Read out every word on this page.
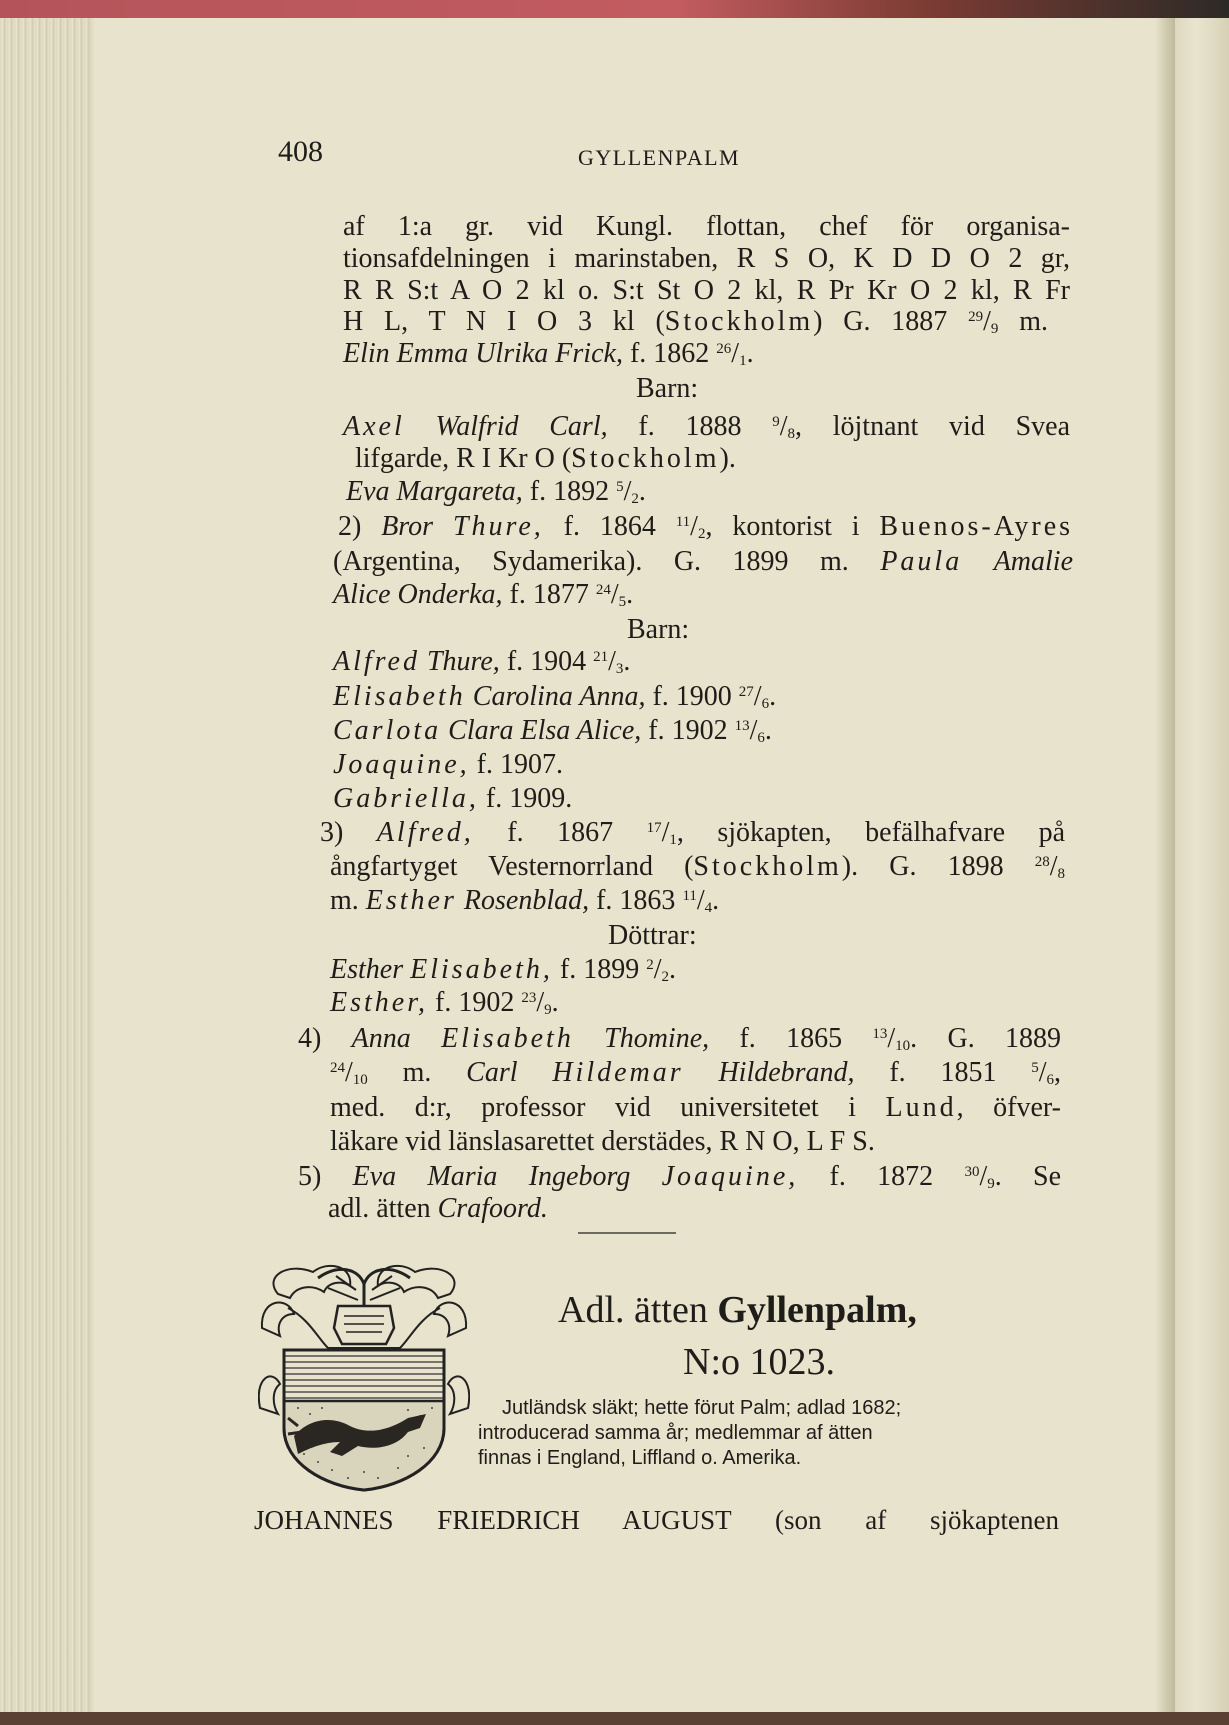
408	GYLLENPALM
af 1:a gr. vid Kungl. flottan, chef för organisa-
tionsafdelningen i marinstaben, R S O, K D D O 2 gr,
R R S:t A O 2 kl o. S:t St O 2 kl, R Pr Kr O 2 kl, R Fr
H L, T N I O 3 kl (Stockholm) G. 1887 $^{29}/_9$ m.
Elin Emma Ulrika Frick, f. 1862 $^{26}/_1$.
Barn:
Axel Walfrid Carl, f. 1888 $^9/_8$, löjtnant vid Svea
lifgarde, R I Kr O (Stockholm).
Eva Margareta, f. 1892 $^5/_2$.
2) Bror Thure, f. 1864 $^{11}/_2$, kontorist i Buenos-Ayres
(Argentina, Sydamerika). G. 1899 m. Paula Amalie
Alice Onderka, f. 1877 $^{24}/_5$.
Barn:
Alfred Thure, f. 1904 $^{21}/_3$.
Elisabeth Carolina Anna, f. 1900 $^{27}/_6$.
Carlota Clara Elsa Alice, f. 1902 $^{13}/_6$.
Joaquine, f. 1907.
Gabriella, f. 1909.
3) Alfred, f. 1867 $^{17}/_1$, sjökapten, befälhafvare på
ångfartyget Vesternorrland (Stockholm). G. 1898 $^{28}/_8$
m. Esther Rosenblad, f. 1863 $^{11}/_4$.
Döttrar:
Esther Elisabeth, f. 1899 $^2/_2$.
Esther, f. 1902 $^{23}/_9$.
4) Anna Elisabeth Thomine, f. 1865 $^{13}/_{10}$. G. 1889
$^{24}/_{10}$ m. Carl Hildemar Hildebrand, f. 1851 $^5/_6$,
med. d:r, professor vid universitetet i Lund, öfver-
läkare vid länslasarettet derstädes, R N O, L F S.
5) Eva Maria Ingeborg Joaquine, f. 1872 $^{30}/_9$. Se
adl. ätten Crafoord.
Adl. ätten Gyllenpalm,
N:o 1023.
Jutländsk släkt; hette förut Palm; adlad 1682;
introducerad samma år; medlemmar af ätten
finnas i England, Liffland o. Amerika.
JOHANNES FRIEDRICH AUGUST (son af sjökaptenen
